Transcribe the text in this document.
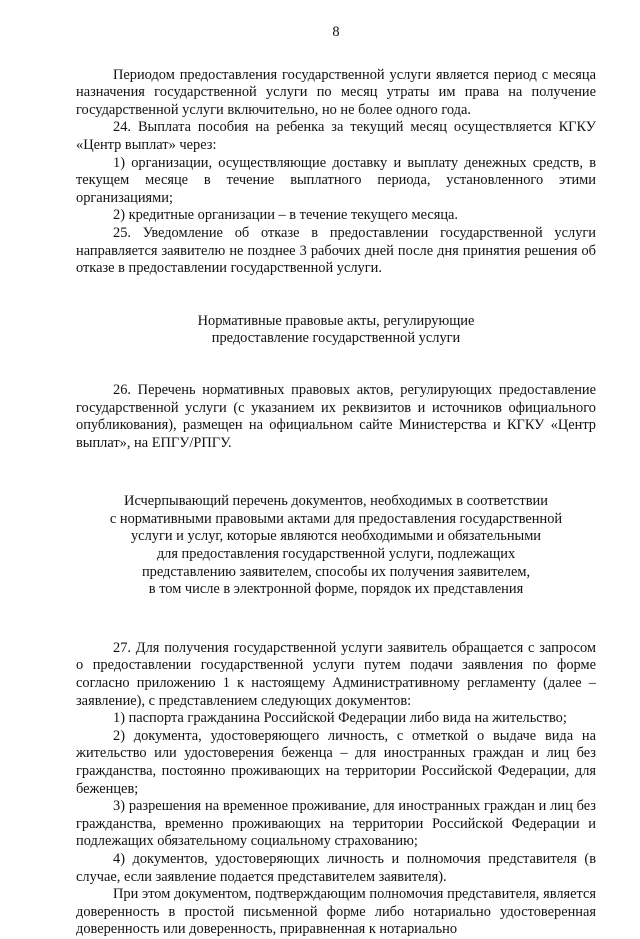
8

Периодом предоставления государственной услуги является период с месяца назначения государственной услуги по месяц утраты им права на получение государственной услуги включительно, но не более одного года.

24. Выплата пособия на ребенка за текущий месяц осуществляется КГКУ «Центр выплат» через:

1) организации, осуществляющие доставку и выплату денежных средств, в текущем месяце в течение выплатного периода, установленного этими организациями;

2) кредитные организации – в течение текущего месяца.

25. Уведомление об отказе в предоставлении государственной услуги направляется заявителю не позднее 3 рабочих дней после дня принятия решения об отказе в предоставлении государственной услуги.

Нормативные правовые акты, регулирующие

предоставление государственной услуги

26. Перечень нормативных правовых актов, регулирующих предоставление государственной услуги (с указанием их реквизитов и источников официального опубликования), размещен на официальном сайте Министерства и КГКУ «Центр выплат», на ЕПГУ/РПГУ.

Исчерпывающий перечень документов, необходимых в соответствии

с нормативными правовыми актами для предоставления государственной

услуги и услуг, которые являются необходимыми и обязательными

для предоставления государственной услуги, подлежащих

представлению заявителем, способы их получения заявителем,

в том числе в электронной форме, порядок их представления

27. Для получения государственной услуги заявитель обращается с запросом о предоставлении государственной услуги путем подачи заявления по форме согласно приложению 1 к настоящему Административному регламенту (далее – заявление), с представлением следующих документов:

1) паспорта гражданина Российской Федерации либо вида на жительство;

2) документа, удостоверяющего личность, с отметкой о выдаче вида на жительство или удостоверения беженца – для иностранных граждан и лиц без гражданства, постоянно проживающих на территории Российской Федерации, для беженцев;

3) разрешения на временное проживание, для иностранных граждан и лиц без гражданства, временно проживающих на территории Российской Федерации и подлежащих обязательному социальному страхованию;

4) документов, удостоверяющих личность и полномочия представителя (в случае, если заявление подается представителем заявителя).

При этом документом, подтверждающим полномочия представителя, является доверенность в простой письменной форме либо нотариально удостоверенная доверенность или доверенность, приравненная к нотариально
